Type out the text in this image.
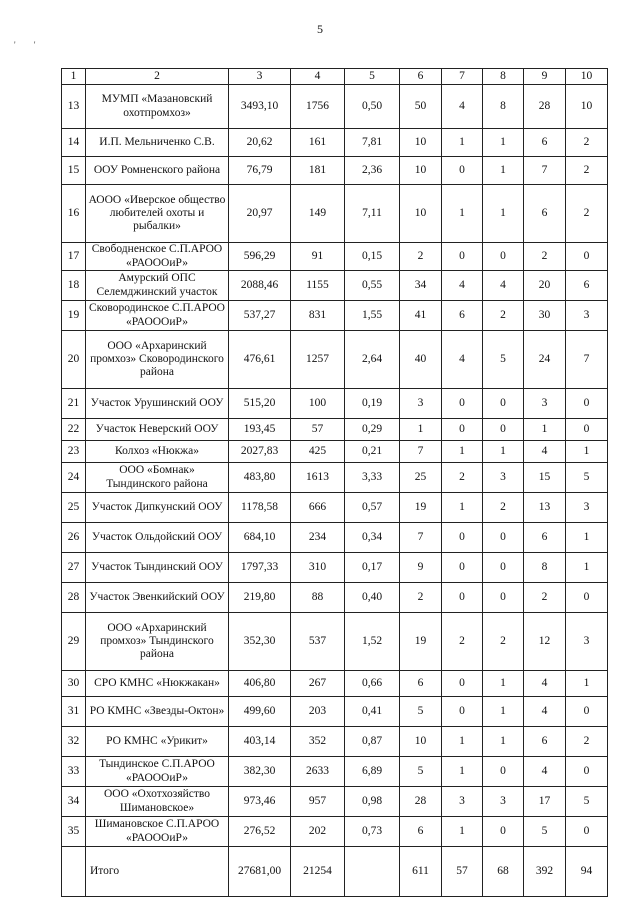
5
' '
1	2	3	4	5	6	7	8	9	10
13	МУМП «Мазановский охотпромхоз»	3493,10	1756	0,50	50	4	8	28	10
14	И.П. Мельниченко С.В.	20,62	161	7,81	10	1	1	6	2
15	ООУ Ромненского района	76,79	181	2,36	10	0	1	7	2
16	АООО «Иверское общество любителей охоты и рыбалки»	20,97	149	7,11	10	1	1	6	2
17	Свободненское С.П.АРОО «РАОООиР»	596,29	91	0,15	2	0	0	2	0
18	Амурский ОПС Селемджинский участок	2088,46	1155	0,55	34	4	4	20	6
19	Сковородинское С.П.АРОО «РАОООиР»	537,27	831	1,55	41	6	2	30	3
20	ООО «Архаринский промхоз» Сковородинского района	476,61	1257	2,64	40	4	5	24	7
21	Участок Урушинский ООУ	515,20	100	0,19	3	0	0	3	0
22	Участок Неверский ООУ	193,45	57	0,29	1	0	0	1	0
23	Колхоз «Нюкжа»	2027,83	425	0,21	7	1	1	4	1
24	ООО «Бомнак» Тындинского района	483,80	1613	3,33	25	2	3	15	5
25	Участок Дипкунский ООУ	1178,58	666	0,57	19	1	2	13	3
26	Участок Ольдойский ООУ	684,10	234	0,34	7	0	0	6	1
27	Участок Тындинский ООУ	1797,33	310	0,17	9	0	0	8	1
28	Участок Эвенкийский ООУ	219,80	88	0,40	2	0	0	2	0
29	ООО «Архаринский промхоз» Тындинского района	352,30	537	1,52	19	2	2	12	3
30	СРО КМНС «Нюкжакан»	406,80	267	0,66	6	0	1	4	1
31	РО КМНС «Звезды-Октон»	499,60	203	0,41	5	0	1	4	0
32	РО КМНС «Урикит»	403,14	352	0,87	10	1	1	6	2
33	Тындинское С.П.АРОО «РАОООиР»	382,30	2633	6,89	5	1	0	4	0
34	ООО «Охотхозяйство Шимановское»	973,46	957	0,98	28	3	3	17	5
35	Шимановское С.П.АРОО «РАОООиР»	276,52	202	0,73	6	1	0	5	0
	Итого	27681,00	21254		611	57	68	392	94
